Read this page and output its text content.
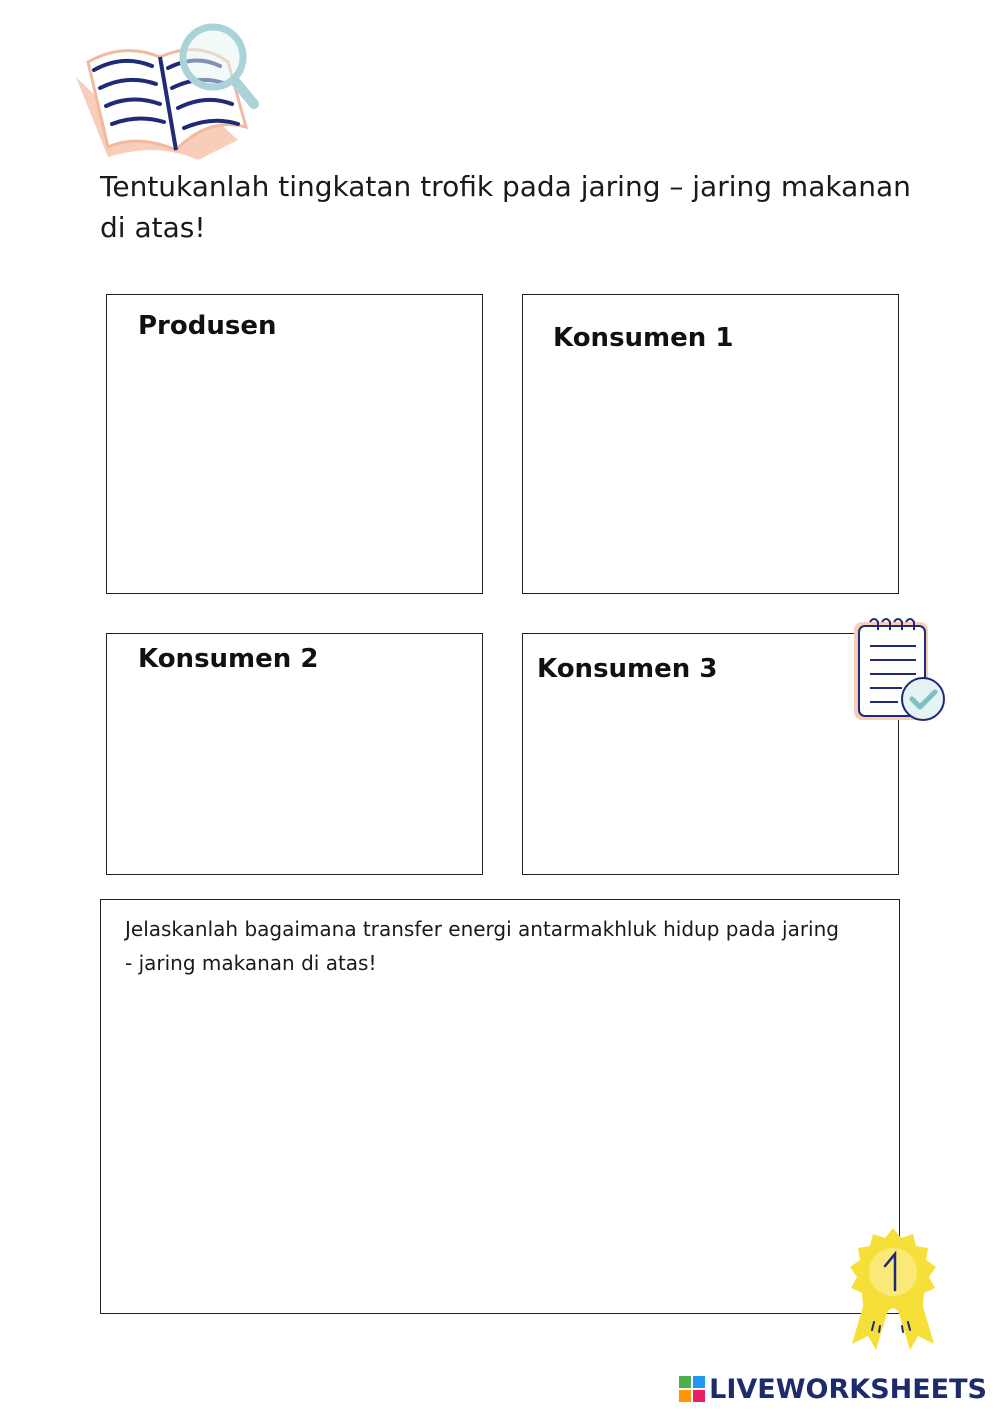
Tentukanlah tingkatan trofik pada jaring – jaring makanan di atas!
Produsen	Konsumen 1
Konsumen 2	Konsumen 3
Jelaskanlah bagaimana transfer energi antarmakhluk hidup pada jaring - jaring makanan di atas!
LIVEWORKSHEETS
